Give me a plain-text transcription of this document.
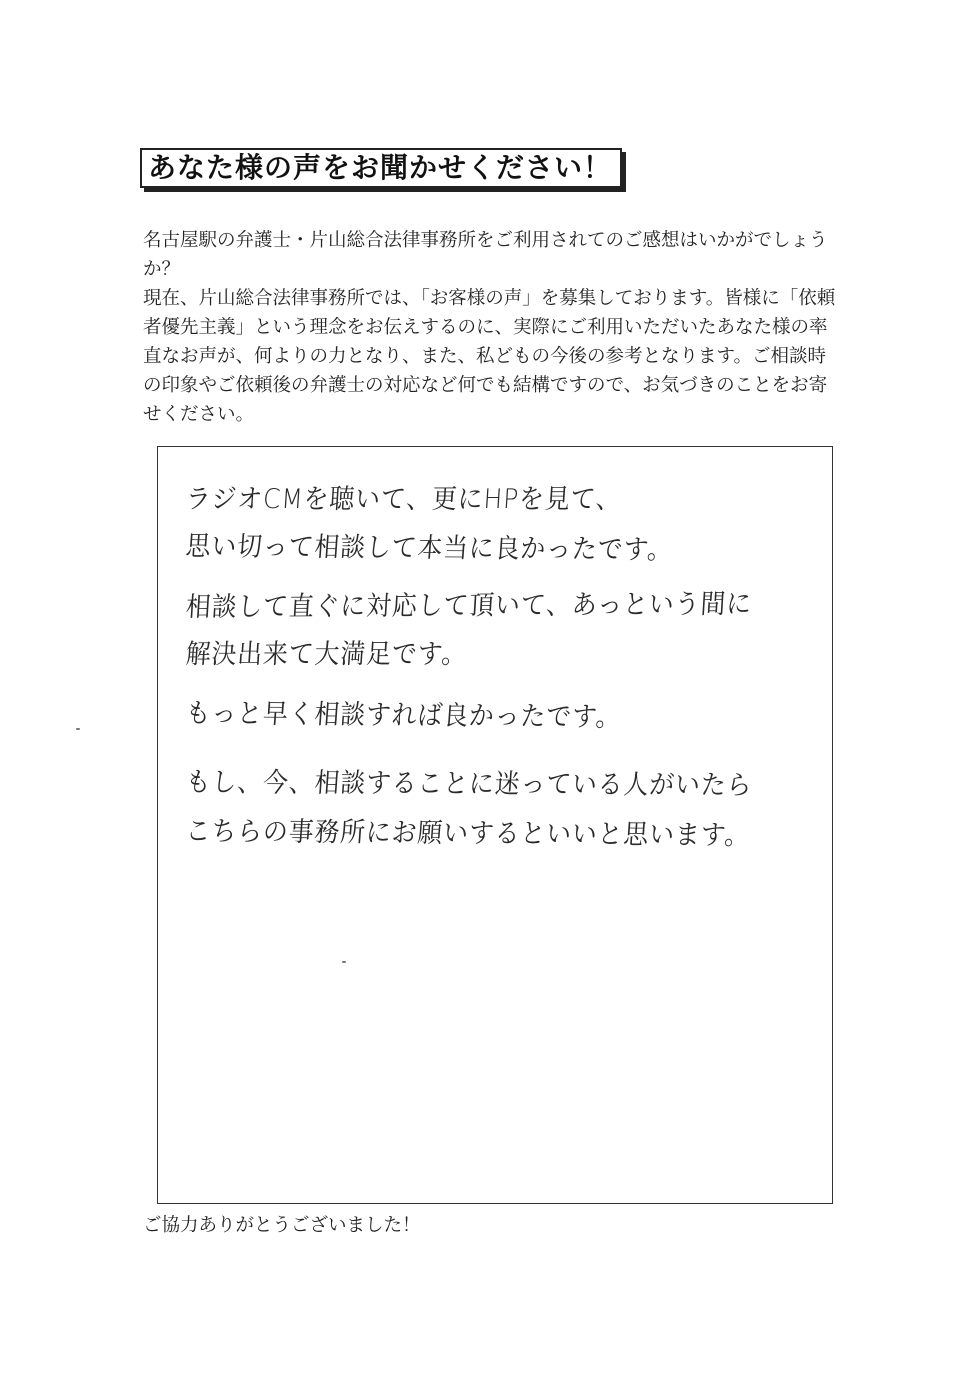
あなた様の声をお聞かせください！

名古屋駅の弁護士・片山総合法律事務所をご利用されてのご感想はいかがでしょうか？

現在、片山総合法律事務所では、「お客様の声」を募集しております。皆様に「依頼者優先主義」という理念をお伝えするのに、実際にご利用いただいたあなた様の率直なお声が、何よりの力となり、また、私どもの今後の参考となります。ご相談時の印象やご依頼後の弁護士の対応など何でも結構ですので、お気づきのことをお寄せください。

ラジオCMを聴いて、更にHPを見て、
思い切って相談して本当に良かったです。
相談して直ぐに対応して頂いて、あっという間に
解決出来て大満足です。
もっと早く相談すれば良かったです。
もし、今、相談することに迷っている人がいたら
こちらの事務所にお願いするといいと思います。
ご協力ありがとうございました！
